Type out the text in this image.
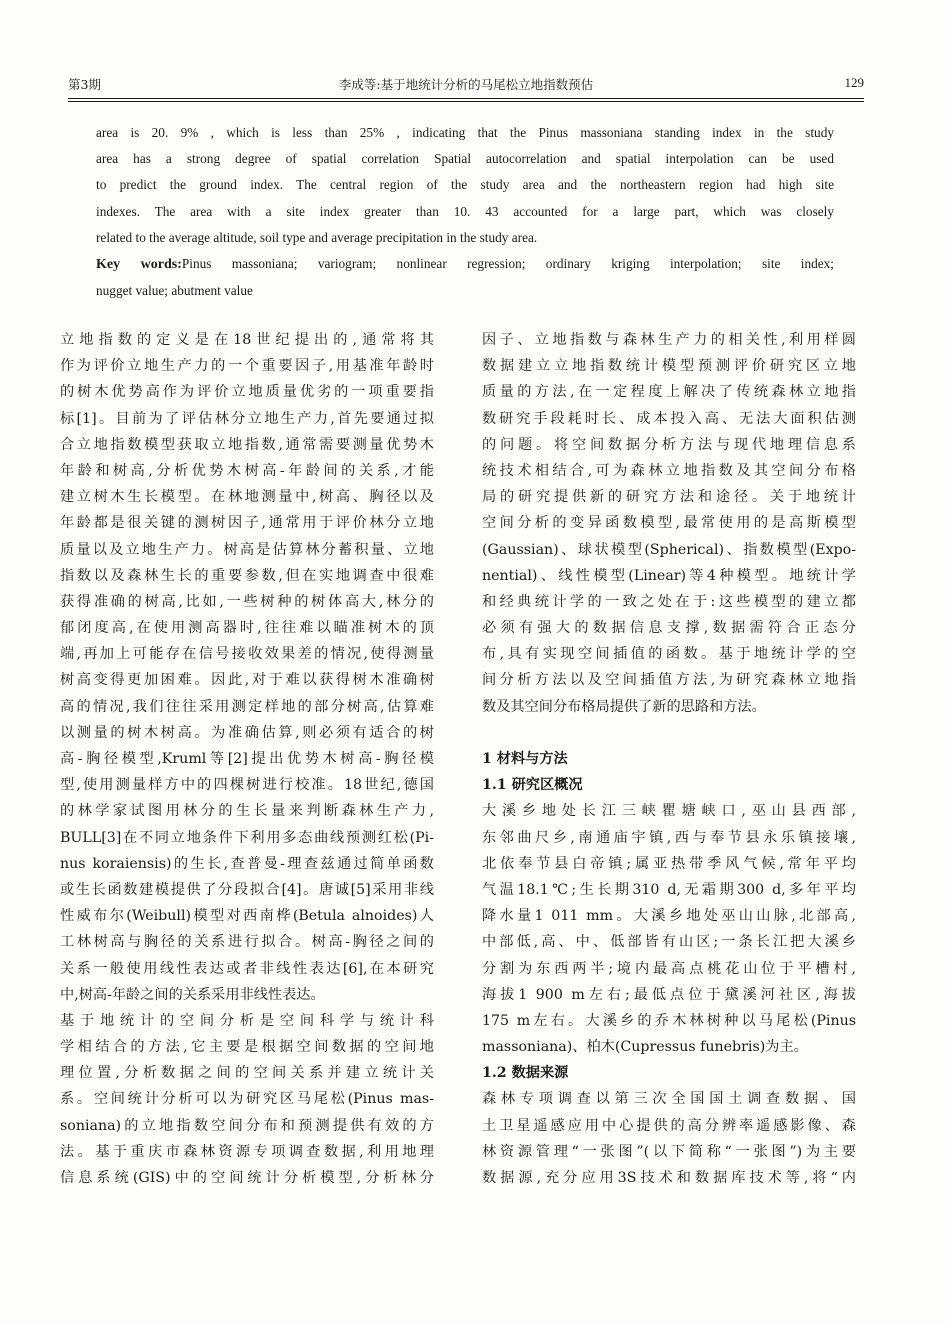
第3期	李成等:基于地统计分析的马尾松立地指数预估	129
area is 20. 9% , which is less than 25% , indicating that the Pinus massoniana standing index in the study
area has a strong degree of spatial correlation Spatial autocorrelation and spatial interpolation can be used
to predict the ground index. The central region of the study area and the northeastern region had high site
indexes. The area with a site index greater than 10. 43 accounted for a large part, which was closely
related to the average altitude, soil type and average precipitation in the study area.
Key words:Pinus massoniana; variogram; nonlinear regression; ordinary kriging interpolation; site index;
nugget value; abutment value
立地指数的定义是在18世纪提出的,通常将其
作为评价立地生产力的一个重要因子,用基准年龄时
的树木优势高作为评价立地质量优劣的一项重要指
标[1]。目前为了评估林分立地生产力,首先要通过拟
合立地指数模型获取立地指数,通常需要测量优势木
年龄和树高,分析优势木树高-年龄间的关系,才能
建立树木生长模型。在林地测量中,树高、胸径以及
年龄都是很关键的测树因子,通常用于评价林分立地
质量以及立地生产力。树高是估算林分蓄积量、立地
指数以及森林生长的重要参数,但在实地调查中很难
获得准确的树高,比如,一些树种的树体高大,林分的
郁闭度高,在使用测高器时,往往难以瞄准树木的顶
端,再加上可能存在信号接收效果差的情况,使得测量
树高变得更加困难。因此,对于难以获得树木准确树
高的情况,我们往往采用测定样地的部分树高,估算难
以测量的树木树高。为准确估算,则必须有适合的树
高-胸径模型,Kruml等[2]提出优势木树高-胸径模
型,使用测量样方中的四棵树进行校准。18世纪,德国
的林学家试图用林分的生长量来判断森林生产力,
BULL[3]在不同立地条件下利用多态曲线预测红松(Pi-
nus koraiensis)的生长,查普曼-理查兹通过简单函数
或生长函数建模提供了分段拟合[4]。唐诚[5]采用非线
性威布尔(Weibull)模型对西南桦(Betula alnoides)人
工林树高与胸径的关系进行拟合。树高-胸径之间的
关系一般使用线性表达或者非线性表达[6],在本研究
中,树高-年龄之间的关系采用非线性表达。
基于地统计的空间分析是空间科学与统计科
学相结合的方法,它主要是根据空间数据的空间地
理位置,分析数据之间的空间关系并建立统计关
系。空间统计分析可以为研究区马尾松(Pinus mas-
soniana)的立地指数空间分布和预测提供有效的方
法。基于重庆市森林资源专项调查数据,利用地理
信息系统(GIS)中的空间统计分析模型,分析林分
因子、立地指数与森林生产力的相关性,利用样圆
数据建立立地指数统计模型预测评价研究区立地
质量的方法,在一定程度上解决了传统森林立地指
数研究手段耗时长、成本投入高、无法大面积估测
的问题。将空间数据分析方法与现代地理信息系
统技术相结合,可为森林立地指数及其空间分布格
局的研究提供新的研究方法和途径。关于地统计
空间分析的变异函数模型,最常使用的是高斯模型
(Gaussian)、球状模型(Spherical)、指数模型(Expo-
nential)、线性模型(Linear)等4种模型。地统计学
和经典统计学的一致之处在于:这些模型的建立都
必须有强大的数据信息支撑,数据需符合正态分
布,具有实现空间插值的函数。基于地统计学的空
间分析方法以及空间插值方法,为研究森林立地指
数及其空间分布格局提供了新的思路和方法。
1 材料与方法
1.1 研究区概况
大溪乡地处长江三峡瞿塘峡口,巫山县西部,
东邻曲尺乡,南通庙宇镇,西与奉节县永乐镇接壤,
北依奉节县白帝镇;属亚热带季风气候,常年平均
气温18.1℃;生长期310 d,无霜期300 d,多年平均
降水量1 011 mm。大溪乡地处巫山山脉,北部高,
中部低,高、中、低部皆有山区;一条长江把大溪乡
分割为东西两半;境内最高点桃花山位于平槽村,
海拔1 900 m左右;最低点位于黛溪河社区,海拔
175 m左右。大溪乡的乔木林树种以马尾松(Pinus
massoniana)、柏木(Cupressus funebris)为主。
1.2 数据来源
森林专项调查以第三次全国国土调查数据、国
土卫星遥感应用中心提供的高分辨率遥感影像、森
林资源管理“一张图”(以下简称“一张图”)为主要
数据源,充分应用3S技术和数据库技术等,将“内
